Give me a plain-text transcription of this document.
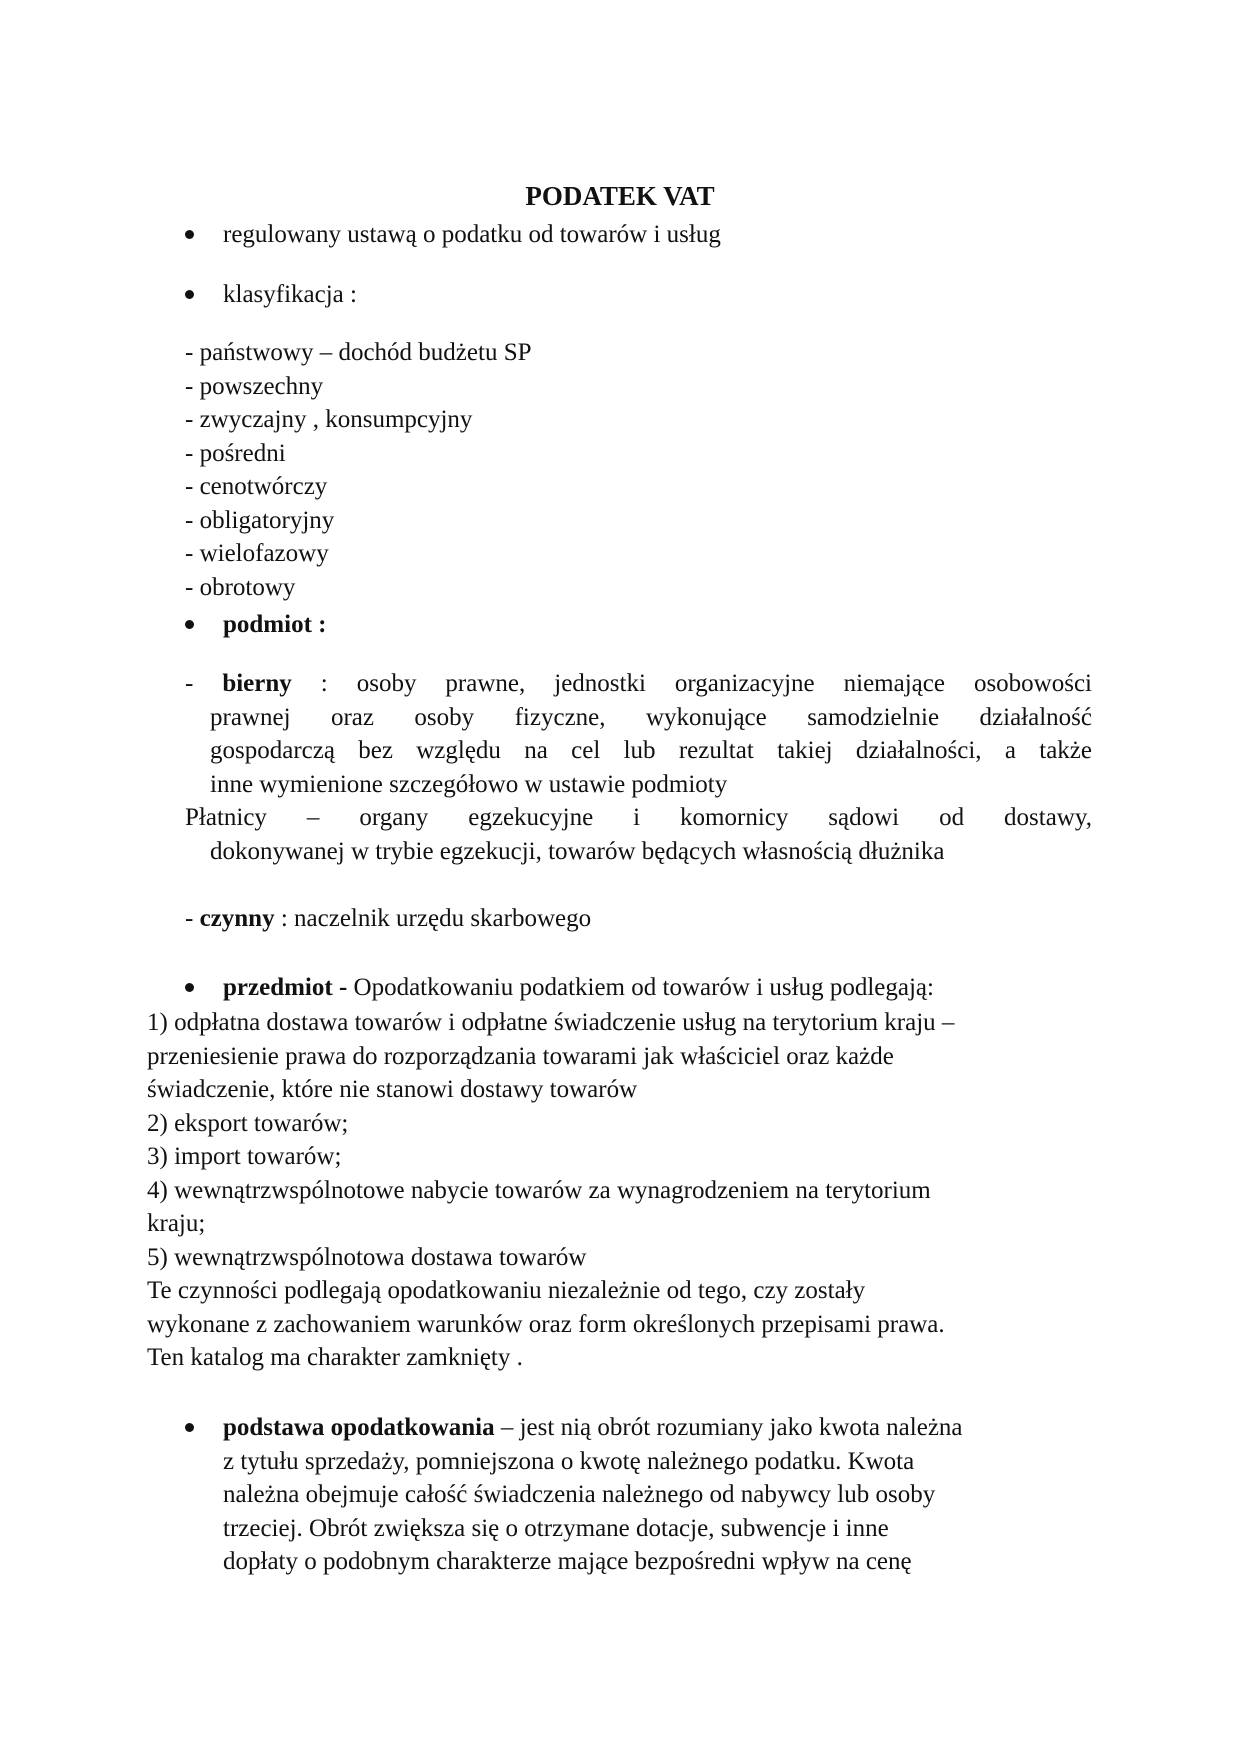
PODATEK VAT
regulowany ustawą o podatku od towarów i usług
klasyfikacja :
- państwowy – dochód budżetu SP
- powszechny
- zwyczajny , konsumpcyjny
- pośredni
- cenotwórczy
- obligatoryjny
- wielofazowy
- obrotowy
podmiot :
- bierny : osoby prawne, jednostki organizacyjne niemające osobowości
prawnej oraz osoby fizyczne, wykonujące samodzielnie działalność
gospodarczą bez względu na cel lub rezultat takiej działalności, a także
inne wymienione szczegółowo w ustawie podmioty
Płatnicy – organy egzekucyjne i komornicy sądowi od dostawy,
dokonywanej w trybie egzekucji, towarów będących własnością dłużnika
- czynny : naczelnik urzędu skarbowego
przedmiot - Opodatkowaniu podatkiem od towarów i usług podlegają:
1) odpłatna dostawa towarów i odpłatne świadczenie usług na terytorium kraju –
przeniesienie prawa do rozporządzania towarami jak właściciel oraz każde
świadczenie, które nie stanowi dostawy towarów
2) eksport towarów;
3) import towarów;
4) wewnątrzwspólnotowe nabycie towarów za wynagrodzeniem na terytorium
kraju;
5) wewnątrzwspólnotowa dostawa towarów
Te czynności podlegają opodatkowaniu niezależnie od tego, czy zostały
wykonane z zachowaniem warunków oraz form określonych przepisami prawa.
Ten katalog ma charakter zamknięty .
podstawa opodatkowania – jest nią obrót rozumiany jako kwota należna
z tytułu sprzedaży, pomniejszona o kwotę należnego podatku. Kwota
należna obejmuje całość świadczenia należnego od nabywcy lub osoby
trzeciej. Obrót zwiększa się o otrzymane dotacje, subwencje i inne
dopłaty o podobnym charakterze mające bezpośredni wpływ na cenę
